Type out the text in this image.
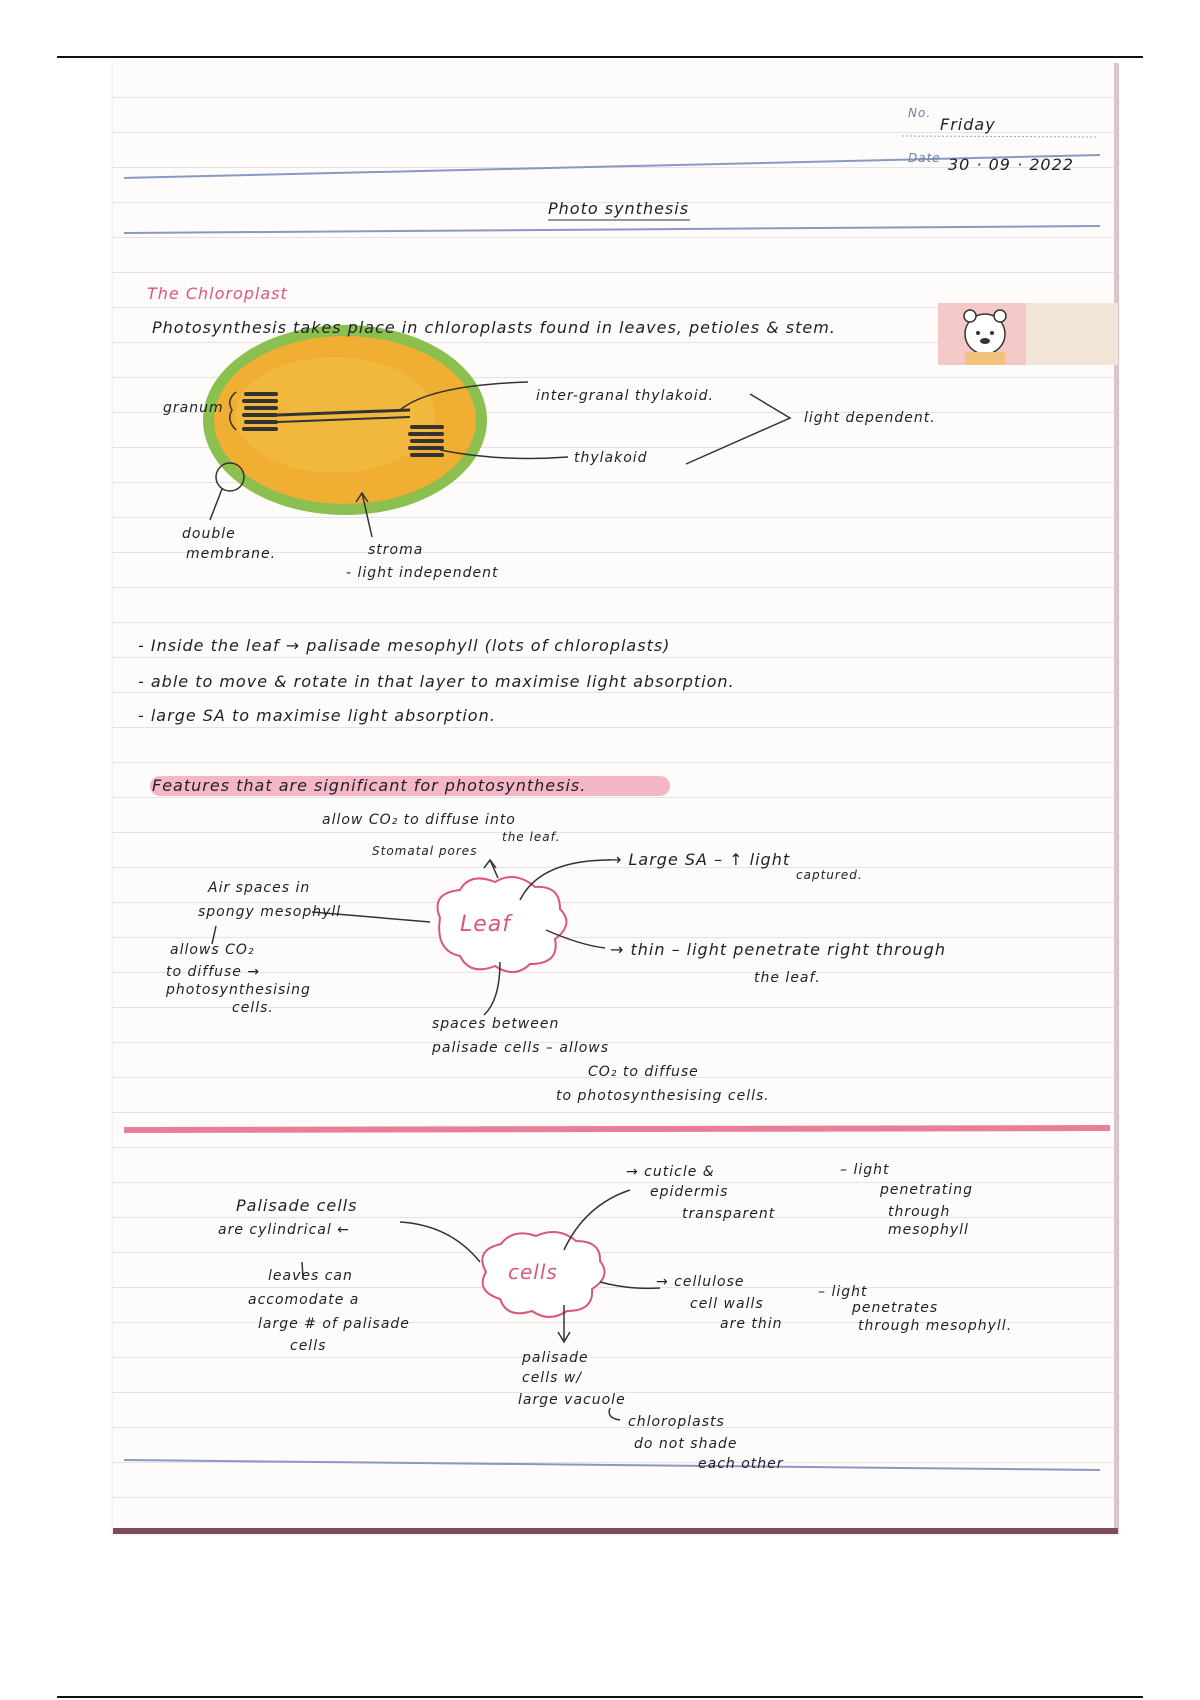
No.
Friday
Date 30 · 09 · 2022
Photo synthesis
The Chloroplast
Photosynthesis takes place in chloroplasts found in leaves, petioles & stem.
granum
inter-granal thylakoid.
thylakoid
light dependent.
double
membrane.	stroma
- light independent
- Inside the leaf → palisade mesophyll (lots of chloroplasts)
- able to move & rotate in that layer to maximise light absorption.
- large SA to maximise light absorption.
Features that are significant for photosynthesis.
Leaf
allow CO₂ to diffuse into
the leaf.
Stomatal pores	→ Large SA – ↑ light
captured.
Air spaces in
spongy mesophyll
allows CO₂
to diffuse →
photosynthesising
cells.
→ thin – light penetrate right through
the leaf.
spaces between
palisade cells – allows
CO₂ to diffuse
to photosynthesising cells.
cells
Palisade cells
are cylindrical ←
leaves can
accomodate a
large # of palisade
cells
→ cuticle &
epidermis
transparent
– light
penetrating
through
mesophyll
→ cellulose
cell walls
are thin
– light
penetrates
through mesophyll.
palisade
cells w/
large vacuole
chloroplasts
do not shade
each other
